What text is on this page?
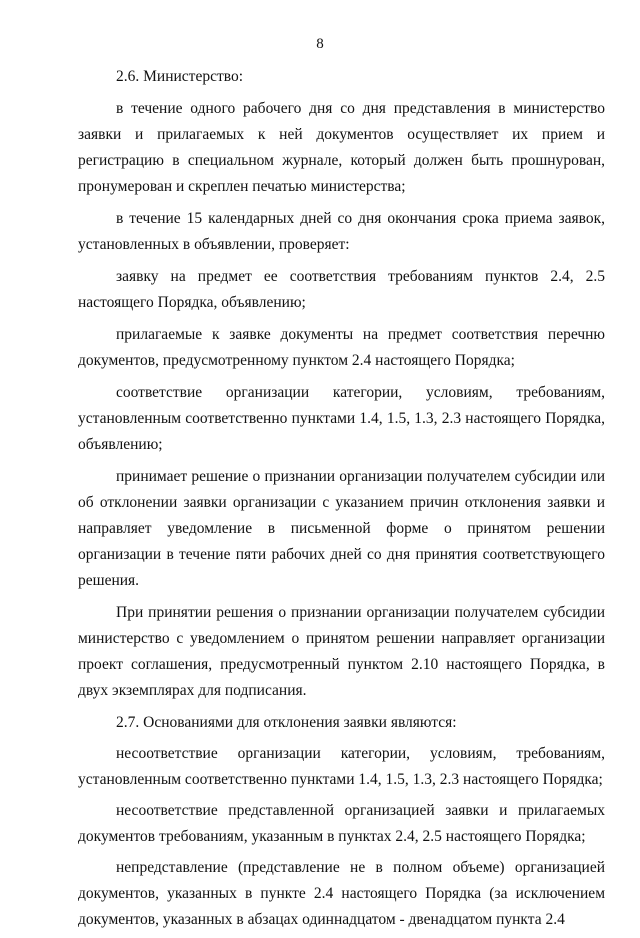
8

2.6. Министерство:

в течение одного рабочего дня со дня представления в министерство заявки и прилагаемых к ней документов осуществляет их прием и регистрацию в специальном журнале, который должен быть прошнурован, пронумерован и скреплен печатью министерства;

в течение 15 календарных дней со дня окончания срока приема заявок, установленных в объявлении, проверяет:

заявку на предмет ее соответствия требованиям пунктов 2.4, 2.5 настоящего Порядка, объявлению;

прилагаемые к заявке документы на предмет соответствия перечню документов, предусмотренному пунктом 2.4 настоящего Порядка;

соответствие организации категории, условиям, требованиям, установленным соответственно пунктами 1.4, 1.5, 1.3, 2.3 настоящего Порядка, объявлению;

принимает решение о признании организации получателем субсидии или об отклонении заявки организации с указанием причин отклонения заявки и направляет уведомление в письменной форме о принятом решении организации в течение пяти рабочих дней со дня принятия соответствующего решения.

При принятии решения о признании организации получателем субсидии министерство с уведомлением о принятом решении направляет организации проект соглашения, предусмотренный пунктом 2.10 настоящего Порядка, в двух экземплярах для подписания.

2.7. Основаниями для отклонения заявки являются:

несоответствие организации категории, условиям, требованиям, установленным соответственно пунктами 1.4, 1.5, 1.3, 2.3 настоящего Порядка;

несоответствие представленной организацией заявки и прилагаемых документов требованиям, указанным в пунктах 2.4, 2.5 настоящего Порядка;

непредставление (представление не в полном объеме) организацией документов, указанных в пункте 2.4 настоящего Порядка (за исключением документов, указанных в абзацах одиннадцатом - двенадцатом пункта 2.4
